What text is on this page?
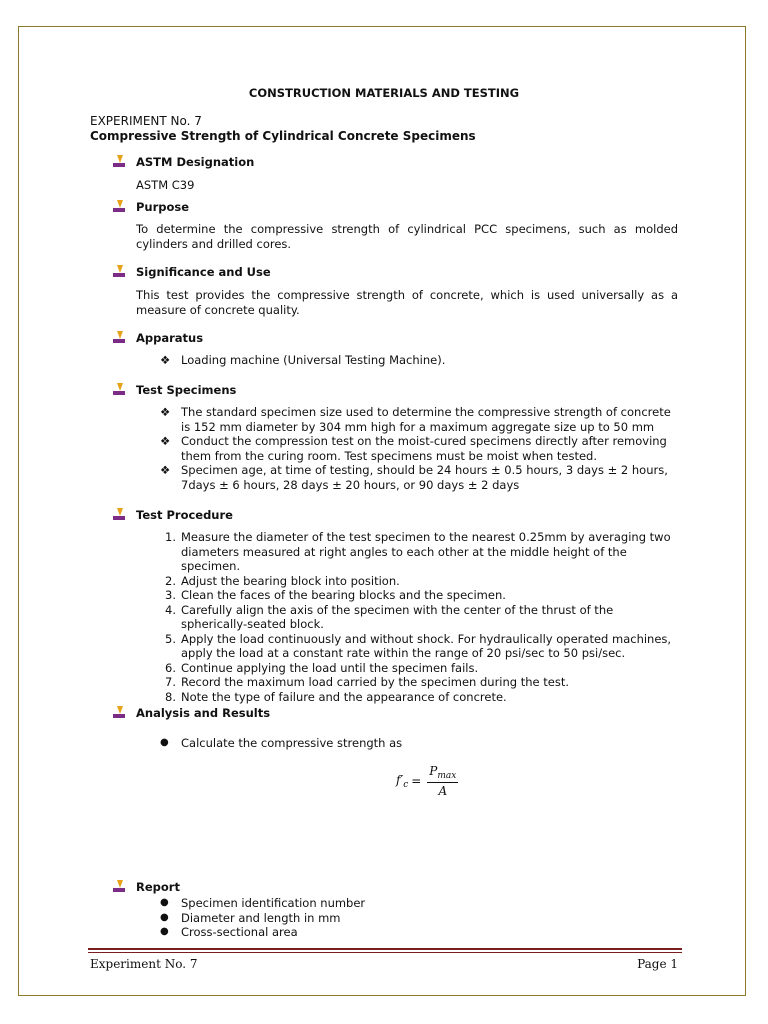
CONSTRUCTION MATERIALS AND TESTING
EXPERIMENT No. 7
Compressive Strength of Cylindrical Concrete Specimens
ASTM Designation
ASTM C39
Purpose
To determine the compressive strength of cylindrical PCC specimens, such as molded cylinders and drilled cores.
Significance and Use
This test provides the compressive strength of concrete, which is used universally as a measure of concrete quality.
Apparatus
❖ Loading machine (Universal Testing Machine).
Test Specimens
❖ The standard specimen size used to determine the compressive strength of concrete is 152 mm diameter by 304 mm high for a maximum aggregate size up to 50 mm
❖ Conduct the compression test on the moist-cured specimens directly after removing them from the curing room. Test specimens must be moist when tested.
❖ Specimen age, at time of testing, should be 24 hours ± 0.5 hours, 3 days ± 2 hours, 7days ± 6 hours, 28 days ± 20 hours, or 90 days ± 2 days
Test Procedure
1. Measure the diameter of the test specimen to the nearest 0.25mm by averaging two diameters measured at right angles to each other at the middle height of the specimen.
2. Adjust the bearing block into position.
3. Clean the faces of the bearing blocks and the specimen.
4. Carefully align the axis of the specimen with the center of the thrust of the spherically-seated block.
5. Apply the load continuously and without shock. For hydraulically operated machines, apply the load at a constant rate within the range of 20 psi/sec to 50 psi/sec.
6. Continue applying the load until the specimen fails.
7. Record the maximum load carried by the specimen during the test.
8. Note the type of failure and the appearance of concrete.
Analysis and Results
●	Calculate the compressive strength as
$f'_c = \frac{P_{max}}{A}$
Report
●	Specimen identification number
●	Diameter and length in mm
●	Cross-sectional area
Experiment No. 7	Page 1
